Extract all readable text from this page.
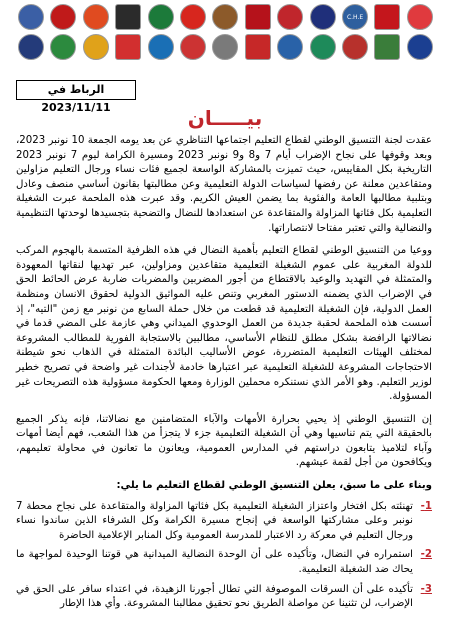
C.H.E
الرباط في 2023/11/11	بيـــــان

عقدت لجنة التنسيق الوطني لقطاع التعليم اجتماعها التناظري عن بعد يومه الجمعة 10 نونبر 2023، وبعد وقوفها على نجاح الإضراب أيام 7 و8 و9 نونبر 2023 ومسيرة الكرامة ليوم 7 نونبر 2023 التاريخية بكل المقاييس، حيث تميزت بالمشاركة الواسعة لجميع فئات نساء ورجال التعليم مزاولين ومتقاعدين معلنة عن رفضها لسياسات الدولة التعليمية وعن مطالبتها بقانون أساسي منصف وعادل وبتلبية مطالبها العامة والفئوية بما يضمن العيش الكريم. وقد عبرت هذه الملحمة عبرت الشغيلة التعليمية بكل فئاتها المزاولة والمتقاعدة عن استعدادها للنضال والتضحية بتجسيدها لوحدتها التنظيمية والنضالية والتي تعتبر مفتاحا لانتصاراتها.

ووعيا من التنسيق الوطني لقطاع التعليم بأهمية النضال في هذه الظرفية المتسمة بالهجوم المركب للدولة المغربية على عموم الشغيلة التعليمية متقاعدين ومزاولين، عبر تهديها لنقاتها المعهودة والمتمثلة في التهديد والوعيد بالاقتطاع من أجور المضربين والمضربات ضاربة عرض الحائط الحق في الإضراب الذي يضمنه الدستور المغربي وتنص عليه المواثيق الدولية لحقوق الانسان ومنظمة العمل الدولية، فإن الشغيلة التعليمية قد قطعت من خلال حملة السابع من نونبر مع زمن "التيه"، إذ أسست هذه الملحمة لحقبة جديدة من العمل الوحدوي الميداني وهي عازمة على المضي قدما في نضالاتها الرافضة بشكل مطلق للنظام الأساسي، مطالبين بالاستجابة الفورية للمطالب المشروعة لمختلف الهيئات التعليمية المتضررة، عوض الأساليب البائدة المتمثلة في الذهاب نحو شيطنة الاحتجاجات المشروعة للشغيلة التعليمية عبر اعتبارها خادمة لأجندات غير واضحة في تصريح خطير لوزير التعليم. وهو الأمر الذي نستنكره محملين الوزارة ومعها الحكومة مسؤولية هذه التصريحات غير المسؤولة.

إن التنسيق الوطني إذ يحيي بحرارة الأمهات والآباء المتضامنين مع نضالاتنا، فإنه يذكر الجميع بالحقيقة التي يتم تناسيها وهي أن الشغيلة التعليمية جزء لا يتجزأ من هذا الشعب، فهم أيضا أمهات وآباء لتلاميذ يتابعون دراستهم في المدارس العمومية، ويعانون ما تعانون في محاولة تعليمهم، ويكافحون من أجل لقمة عيشهم.

وبناء على ما سبق، يعلن التنسيق الوطني لقطاع التعليم ما يلي:
1-
تهنئته بكل افتخار واعتزاز الشغيلة التعليمية بكل فئاتها المزاولة والمتقاعدة على نجاح محطة 7 نونبر وعلى مشاركتها الواسعة في إنجاح مسيرة الكرامة وكل الشرفاء الذين ساندوا نساء ورجال التعليم في معركة رد الاعتبار للمدرسة العمومية وكل المنابر الإعلامية الحاضرة
2-
استمراره في النضال، وتأكيده على أن الوحدة النضالية الميدانية هي قوتنا الوحيدة لمواجهة ما يحاك ضد الشغيلة التعليمية.
3-
تأكيده على أن السرقات الموصوفة التي تطال أجورنا الزهيدة، في اعتداء سافر على الحق في الإضراب، لن تثنينا عن مواصلة الطريق نحو تحقيق مطالبنا المشروعة. وأي هذا الإطار
